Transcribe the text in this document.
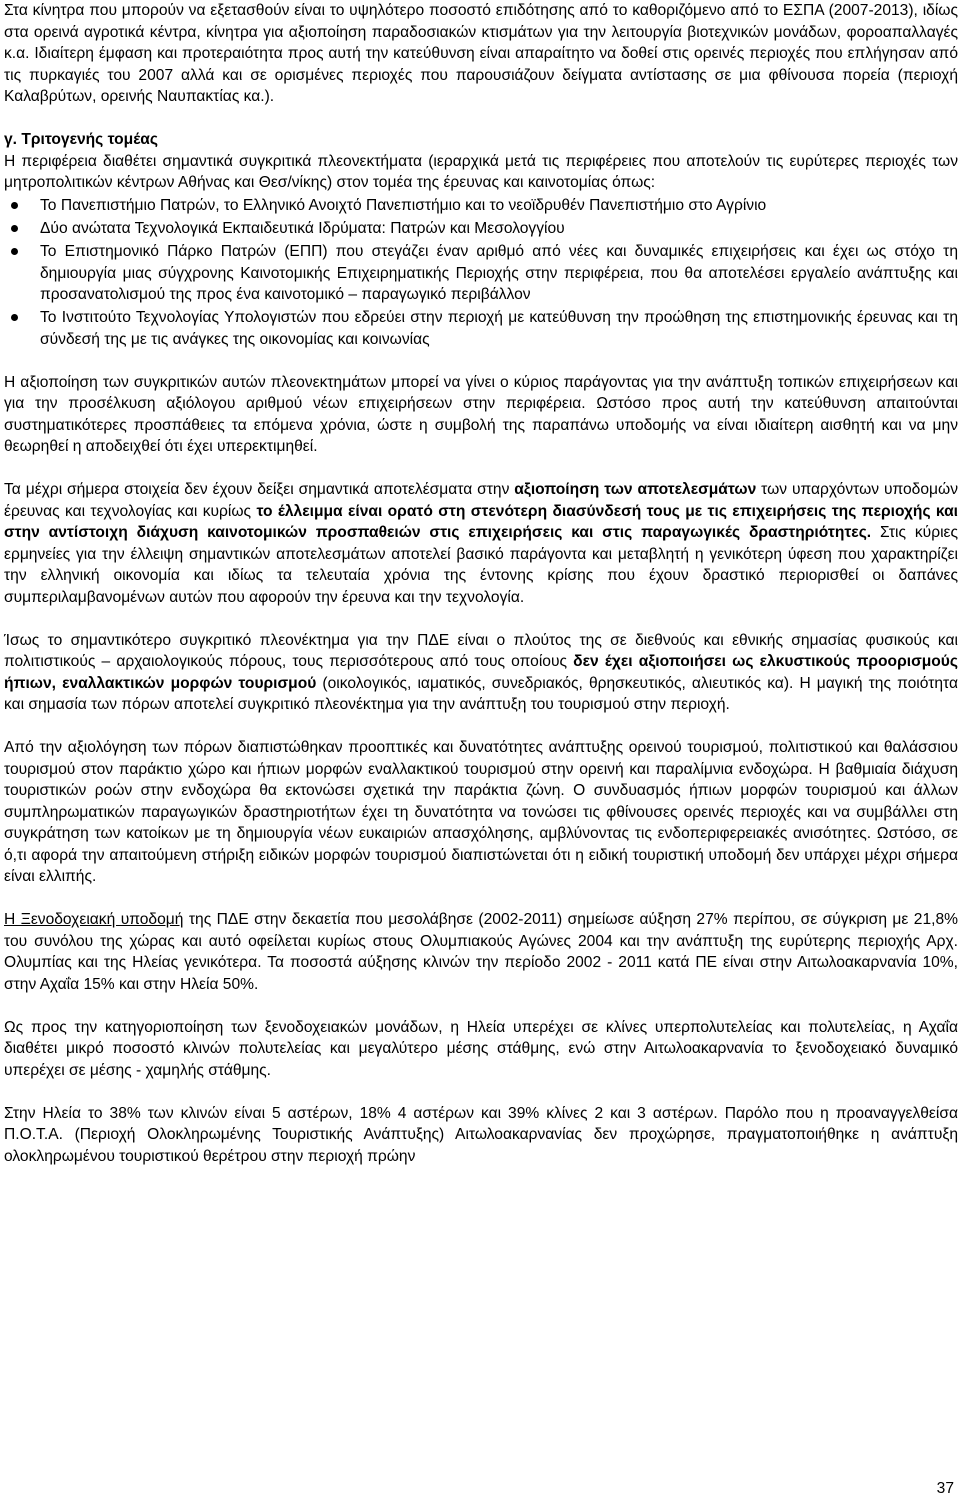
Στα κίνητρα που μπορούν να εξετασθούν είναι το υψηλότερο ποσοστό επιδότησης από το καθοριζόμενο από το ΕΣΠΑ (2007-2013), ιδίως στα ορεινά αγροτικά κέντρα, κίνητρα για αξιοποίηση παραδοσιακών κτισμάτων για την λειτουργία βιοτεχνικών μονάδων, φοροαπαλλαγές κ.α. Ιδιαίτερη έμφαση και προτεραιότητα προς αυτή την κατεύθυνση είναι απαραίτητο να δοθεί στις ορεινές περιοχές που επλήγησαν από τις πυρκαγιές του 2007 αλλά και σε ορισμένες περιοχές που παρουσιάζουν δείγματα αντίστασης σε μια φθίνουσα πορεία (περιοχή Καλαβρύτων, ορεινής Ναυπακτίας κα.).

γ. Τριτογενής τομέας

Η περιφέρεια διαθέτει σημαντικά συγκριτικά πλεονεκτήματα (ιεραρχικά μετά τις περιφέρειες που αποτελούν τις ευρύτερες περιοχές των μητροπολιτικών κέντρων Αθήνας και Θεσ/νίκης) στον τομέα της έρευνας και καινοτομίας όπως:

Το Πανεπιστήμιο Πατρών, το Ελληνικό Ανοιχτό Πανεπιστήμιο και το νεοϊδρυθέν Πανεπιστήμιο στο Αγρίνιο
Δύο ανώτατα Τεχνολογικά Εκπαιδευτικά Ιδρύματα: Πατρών και Μεσολογγίου
Το Επιστημονικό Πάρκο Πατρών (ΕΠΠ) που στεγάζει έναν αριθμό από νέες και δυναμικές επιχειρήσεις και έχει ως στόχο τη δημιουργία μιας σύγχρονης Καινοτομικής Επιχειρηματικής Περιοχής στην περιφέρεια, που θα αποτελέσει εργαλείο ανάπτυξης και προσανατολισμού της προς ένα καινοτομικό – παραγωγικό περιβάλλον
Το Ινστιτούτο Τεχνολογίας Υπολογιστών που εδρεύει στην περιοχή με κατεύθυνση την προώθηση της επιστημονικής έρευνας και τη σύνδεσή της με τις ανάγκες της οικονομίας και κοινωνίας

Η αξιοποίηση των συγκριτικών αυτών πλεονεκτημάτων μπορεί να γίνει ο κύριος παράγοντας για την ανάπτυξη τοπικών επιχειρήσεων και για την προσέλκυση αξιόλογου αριθμού νέων επιχειρήσεων στην περιφέρεια. Ωστόσο προς αυτή την κατεύθυνση απαιτούνται συστηματικότερες προσπάθειες τα επόμενα χρόνια, ώστε η συμβολή της παραπάνω υποδομής να είναι ιδιαίτερη αισθητή και να μην θεωρηθεί η αποδειχθεί ότι έχει υπερεκτιμηθεί.

Τα μέχρι σήμερα στοιχεία δεν έχουν δείξει σημαντικά αποτελέσματα στην αξιοποίηση των αποτελεσμάτων των υπαρχόντων υποδομών έρευνας και τεχνολογίας και κυρίως το έλλειμμα είναι ορατό στη στενότερη διασύνδεσή τους με τις επιχειρήσεις της περιοχής και στην αντίστοιχη διάχυση καινοτομικών προσπαθειών στις επιχειρήσεις και στις παραγωγικές δραστηριότητες. Στις κύριες ερμηνείες για την έλλειψη σημαντικών αποτελεσμάτων αποτελεί βασικό παράγοντα και μεταβλητή η γενικότερη ύφεση που χαρακτηρίζει την ελληνική οικονομία και ιδίως τα τελευταία χρόνια της έντονης κρίσης που έχουν δραστικό περιορισθεί οι δαπάνες συμπεριλαμβανομένων αυτών που αφορούν την έρευνα και την τεχνολογία.

Ίσως το σημαντικότερο συγκριτικό πλεονέκτημα για την ΠΔΕ είναι ο πλούτος της σε διεθνούς και εθνικής σημασίας φυσικούς και πολιτιστικούς – αρχαιολογικούς πόρους, τους περισσότερους από τους οποίους δεν έχει αξιοποιήσει ως ελκυστικούς προορισμούς ήπιων, εναλλακτικών μορφών τουρισμού (οικολογικός, ιαματικός, συνεδριακός, θρησκευτικός, αλιευτικός κα). Η μαγική της ποιότητα και σημασία των πόρων αποτελεί συγκριτικό πλεονέκτημα για την ανάπτυξη του τουρισμού στην περιοχή.

Από την αξιολόγηση των πόρων διαπιστώθηκαν προοπτικές και δυνατότητες ανάπτυξης ορεινού τουρισμού, πολιτιστικού και θαλάσσιου τουρισμού στον παράκτιο χώρο και ήπιων μορφών εναλλακτικού τουρισμού στην ορεινή και παραλίμνια ενδοχώρα. Η βαθμιαία διάχυση τουριστικών ροών στην ενδοχώρα θα εκτονώσει σχετικά την παράκτια ζώνη. Ο συνδυασμός ήπιων μορφών τουρισμού και άλλων συμπληρωματικών παραγωγικών δραστηριοτήτων έχει τη δυνατότητα να τονώσει τις φθίνουσες ορεινές περιοχές και να συμβάλλει στη συγκράτηση των κατοίκων με τη δημιουργία νέων ευκαιριών απασχόλησης, αμβλύνοντας τις ενδοπεριφερειακές ανισότητες. Ωστόσο, σε ό,τι αφορά την απαιτούμενη στήριξη ειδικών μορφών τουρισμού διαπιστώνεται ότι η ειδική τουριστική υποδομή δεν υπάρχει μέχρι σήμερα είναι ελλιπής.

Η Ξενοδοχειακή υποδομή της ΠΔΕ στην δεκαετία που μεσολάβησε (2002-2011) σημείωσε αύξηση 27% περίπου, σε σύγκριση με 21,8% του συνόλου της χώρας και αυτό οφείλεται κυρίως στους Ολυμπιακούς Αγώνες 2004 και την ανάπτυξη της ευρύτερης περιοχής Αρχ. Ολυμπίας και της Ηλείας γενικότερα. Τα ποσοστά αύξησης κλινών την περίοδο 2002 - 2011 κατά ΠΕ είναι στην Αιτωλοακαρνανία 10%, στην Αχαΐα 15% και στην Ηλεία 50%.

Ως προς την κατηγοριοποίηση των ξενοδοχειακών μονάδων, η Ηλεία υπερέχει σε κλίνες υπερπολυτελείας και πολυτελείας, η Αχαΐα διαθέτει μικρό ποσοστό κλινών πολυτελείας και μεγαλύτερο μέσης στάθμης, ενώ στην Αιτωλοακαρνανία το ξενοδοχειακό δυναμικό υπερέχει σε μέσης - χαμηλής στάθμης.

Στην Ηλεία το 38% των κλινών είναι 5 αστέρων, 18% 4 αστέρων και 39% κλίνες 2 και 3 αστέρων. Παρόλο που η προαναγγελθείσα Π.Ο.Τ.Α. (Περιοχή Ολοκληρωμένης Τουριστικής Ανάπτυξης) Αιτωλοακαρνανίας δεν προχώρησε, πραγματοποιήθηκε η ανάπτυξη ολοκληρωμένου τουριστικού θερέτρου στην περιοχή πρώην

37
